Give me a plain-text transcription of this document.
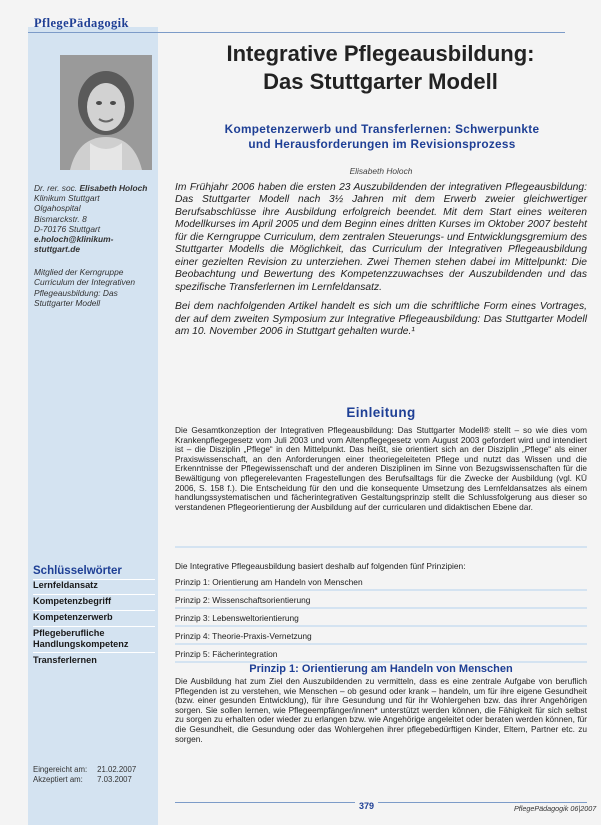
PflegePädagogik
Dr. rer. soc. Elisabeth Holoch
Klinikum Stuttgart
Olgahospital
Bismarckstr. 8
D-70176 Stuttgart
e.holoch@klinikum-stuttgart.de
Mitglied der Kerngruppe Curriculum der Integrativen Pflegeausbildung: Das Stuttgarter Modell
Schlüsselwörter
Lernfeldansatz
Kompetenzbegriff
Kompetenzerwerb
Pflegeberufliche Handlungskompetenz
Transferlernen
Eingereicht am:	21.02.2007
Akzeptiert am:	7.03.2007
Integrative Pflegeausbildung:
Das Stuttgarter Modell
Kompetenzerwerb und Transferlernen: Schwerpunkte
und Herausforderungen im Revisionsprozess
Elisabeth Holoch

Im Frühjahr 2006 haben die ersten 23 Auszubildenden der integrativen Pflegeausbildung: Das Stuttgarter Modell nach 3½ Jahren mit dem Erwerb zweier gleichwertiger Berufsabschlüsse ihre Ausbildung erfolgreich beendet. Mit dem Start eines weiteren Modellkurses im April 2005 und dem Beginn eines dritten Kurses im Oktober 2007 besteht für die Kerngruppe Curriculum, dem zentralen Steuerungs- und Entwicklungsgremium des Stuttgarter Modells die Möglichkeit, das Curriculum der Integrativen Pflegeausbildung einer gezielten Revision zu unterziehen. Zwei Themen stehen dabei im Mittelpunkt: Die Beobachtung und Bewertung des Kompetenzzuwachses der Auszubildenden und das spezifische Transferlernen im Lernfeldansatz.

Bei dem nachfolgenden Artikel handelt es sich um die schriftliche Form eines Vortrages, der auf dem zweiten Symposium zur Integrative Pflegeausbildung: Das Stuttgarter Modell am 10. November 2006 in Stuttgart gehalten wurde.¹

Einleitung
Die Gesamtkonzeption der Integrativen Pflegeausbildung: Das Stuttgarter Modell® stellt – so wie dies vom Krankenpflegegesetz vom Juli 2003 und vom Altenpflegegesetz vom August 2003 gefordert wird und intendiert ist – die Disziplin „Pflege“ in den Mittelpunkt. Das heißt, sie orientiert sich an der Disziplin „Pflege“ als einer Praxiswissenschaft, an den Anforderungen einer theoriegeleiteten Pflege und nutzt das Wissen und die Erkenntnisse der Pflegewissenschaft und der anderen Disziplinen im Sinne von Bezugswissenschaften für die Bewältigung von pflegerelevanten Fragestellungen des Berufsalltags für die Zwecke der Ausbildung (vgl. KÜ 2006, S. 158 f.). Die Entscheidung für den und die konsequente Umsetzung des Lernfeldansatzes als einem handlungssystematischen und fächerintegrativen Gestaltungsprinzip stellt die Schlussfolgerung aus dieser so verstandenen Pflegeorientierung der Ausbildung auf der curricularen und didaktischen Ebene dar.
Die Integrative Pflegeausbildung basiert deshalb auf folgenden fünf Prinzipien:
Prinzip 1: Orientierung am Handeln von Menschen
Prinzip 2: Wissenschaftsorientierung
Prinzip 3: Lebensweltorientierung
Prinzip 4: Theorie-Praxis-Vernetzung
Prinzip 5: Fächerintegration
Prinzip 1: Orientierung am Handeln von Menschen
Die Ausbildung hat zum Ziel den Auszubildenden zu vermitteln, dass es eine zentrale Aufgabe von beruflich Pflegenden ist zu verstehen, wie Menschen – ob gesund oder krank – handeln, um für ihre eigene Gesundheit (bzw. einer gesunden Entwicklung), für ihre Gesundung und für ihr Wohlergehen bzw. das ihrer Angehörigen sorgen. Sie sollen lernen, wie Pflegeempfänger/innen* unterstützt werden können, die Fähigkeit für sich selbst zu sorgen zu erhalten oder wieder zu erlangen bzw. wie Angehörige angeleitet oder beraten werden können, für die Gesundheit, die Gesundung oder das Wohlergehen ihrer pflegebedürftigen Kinder, Eltern, Partner etc. zu sorgen.
379	PflegePädagogik 06|2007
